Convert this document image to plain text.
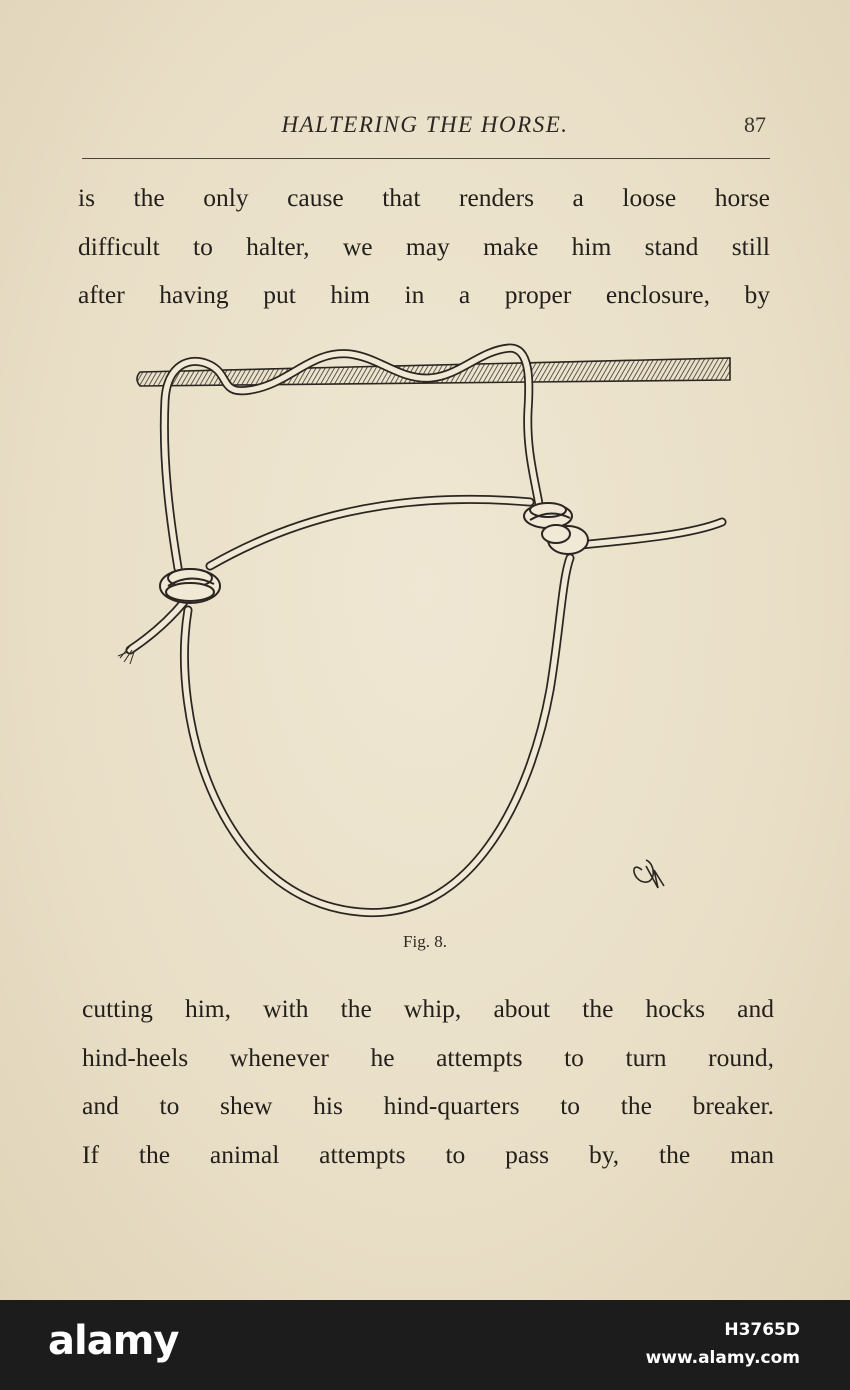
HALTERING THE HORSE.	87
is the only cause that renders a loose horse
difficult to halter, we may make him stand still
after having put him in a proper enclosure, by
Fig. 8.
cutting him, with the whip, about the hocks and
hind-heels whenever he attempts to turn round,
and to shew his hind-quarters to the breaker.
If the animal attempts to pass by, the man
alamy	H3765D
www.alamy.com
